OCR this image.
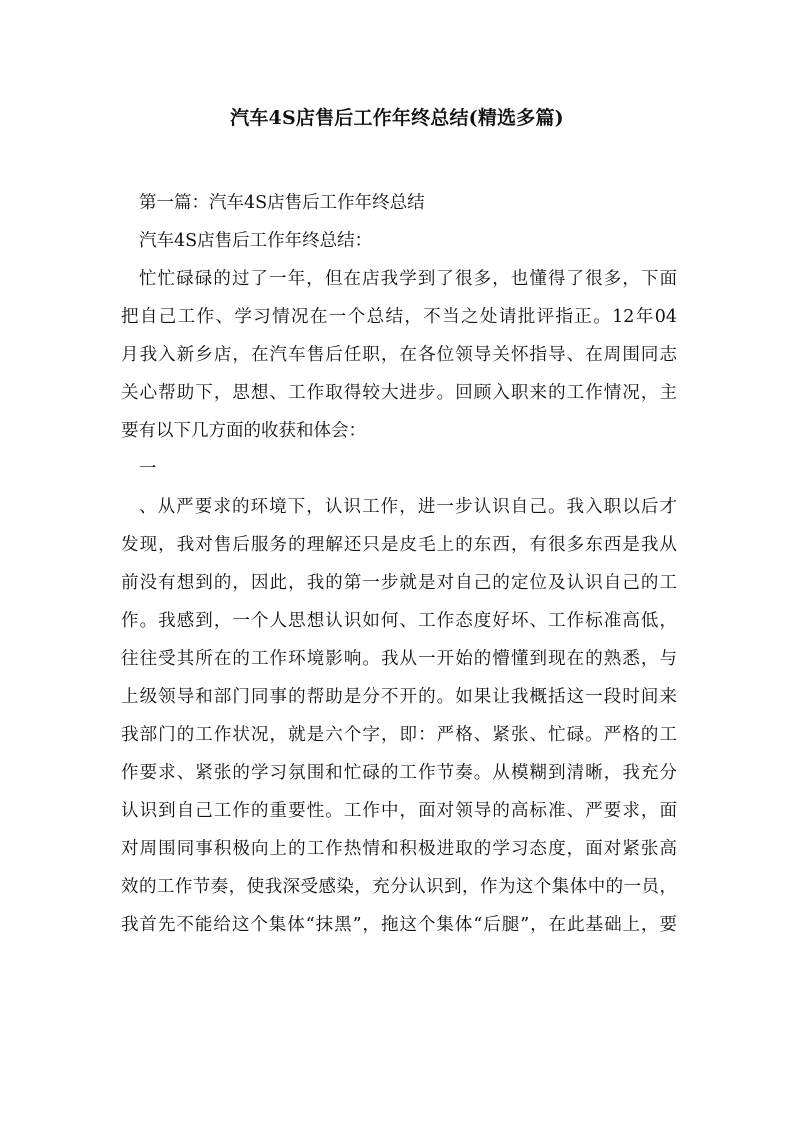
汽车4S店售后工作年终总结(精选多篇)
第一篇：汽车4S店售后工作年终总结
汽车4S店售后工作年终总结：
忙忙碌碌的过了一年，但在店我学到了很多，也懂得了很多，下面
把自己工作、学习情况在一个总结，不当之处请批评指正。12年04
月我入新乡店，在汽车售后任职，在各位领导关怀指导、在周围同志
关心帮助下，思想、工作取得较大进步。回顾入职来的工作情况，主
要有以下几方面的收获和体会：
一
、从严要求的环境下，认识工作，进一步认识自己。我入职以后才
发现，我对售后服务的理解还只是皮毛上的东西，有很多东西是我从
前没有想到的，因此，我的第一步就是对自己的定位及认识自己的工
作。我感到，一个人思想认识如何、工作态度好坏、工作标准高低，
往往受其所在的工作环境影响。我从一开始的懵懂到现在的熟悉，与
上级领导和部门同事的帮助是分不开的。如果让我概括这一段时间来
我部门的工作状况，就是六个字，即：严格、紧张、忙碌。严格的工
作要求、紧张的学习氛围和忙碌的工作节奏。从模糊到清晰，我充分
认识到自己工作的重要性。工作中，面对领导的高标准、严要求，面
对周围同事积极向上的工作热情和积极进取的学习态度，面对紧张高
效的工作节奏，使我深受感染，充分认识到，作为这个集体中的一员，
我首先不能给这个集体“抹黑”，拖这个集体“后腿”，在此基础上，要
